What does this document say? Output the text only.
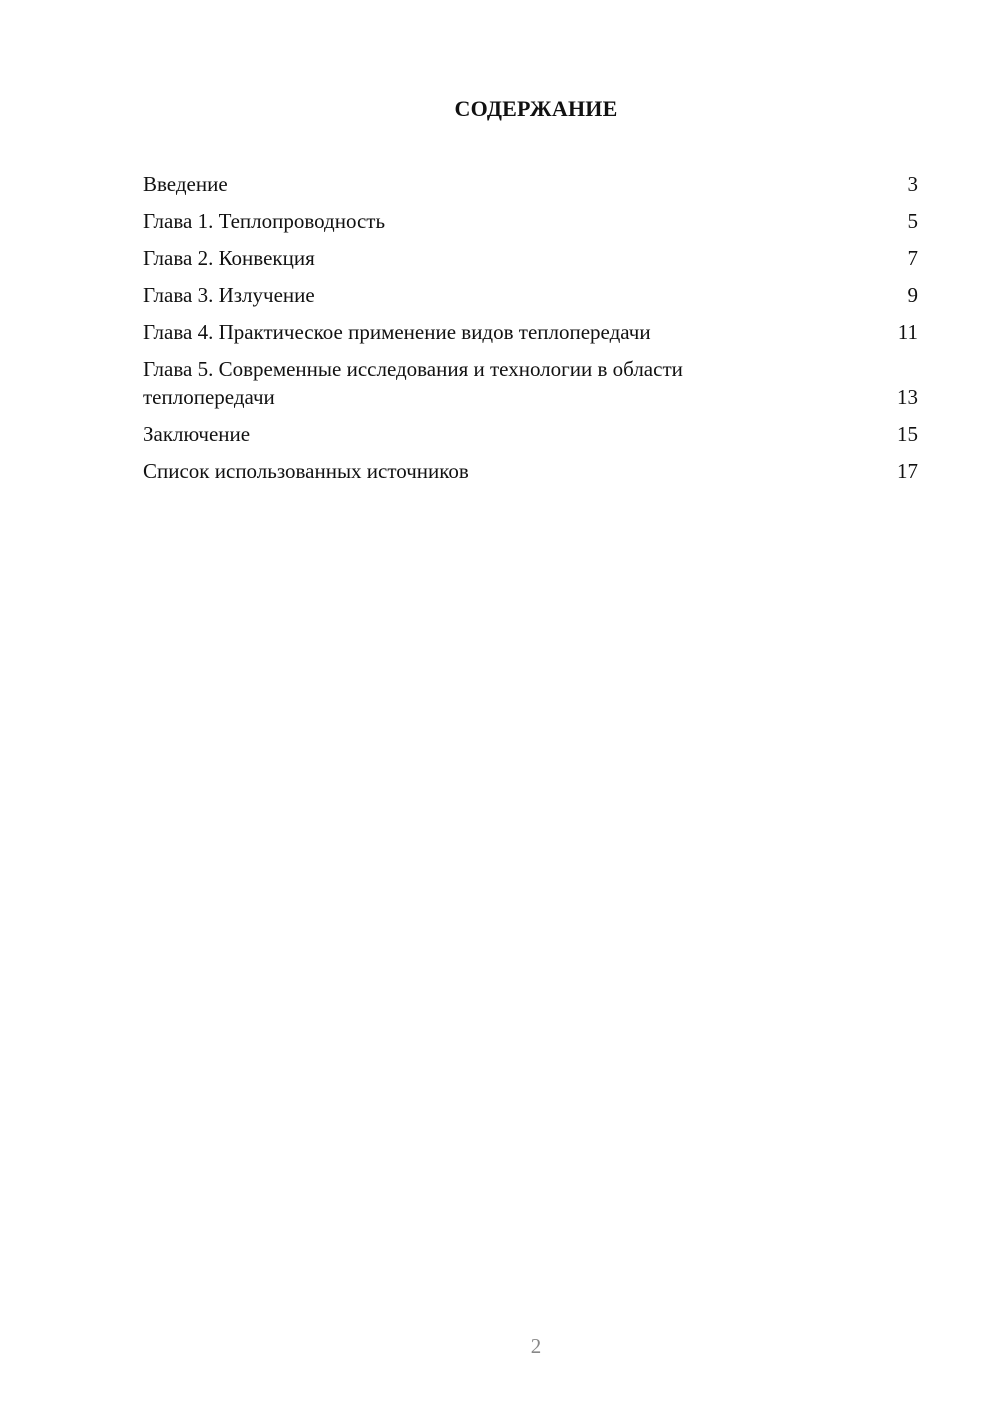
СОДЕРЖАНИЕ
Введение	3
Глава 1. Теплопроводность	5
Глава 2. Конвекция	7
Глава 3. Излучение	9
Глава 4. Практическое применение видов теплопередачи	11
Глава 5. Современные исследования и технологии в области теплопередачи	13
Заключение	15
Список использованных источников	17
2
